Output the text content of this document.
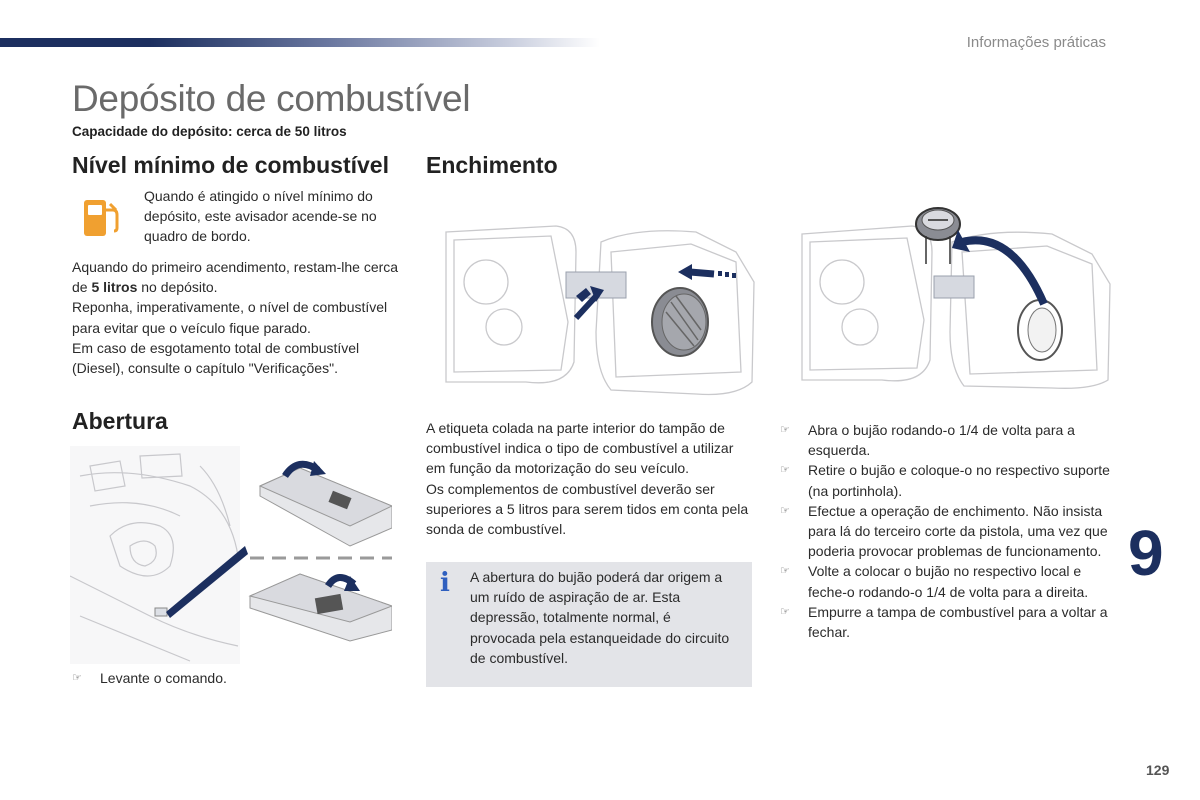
Informações práticas
Depósito de combustível
Capacidade do depósito: cerca de 50 litros
Nível mínimo de combustível
Quando é atingido o nível mínimo do depósito, este avisador acende-se no quadro de bordo.
Aquando do primeiro acendimento, restam-lhe cerca de 5 litros no depósito.
Reponha, imperativamente, o nível de combustível para evitar que o veículo fique parado.
Em caso de esgotamento total de combustível (Diesel), consulte o capítulo "Verificações".
Abertura
☞ Levante o comando.
Enchimento
A etiqueta colada na parte interior do tampão de combustível indica o tipo de combustível a utilizar em função da motorização do seu veículo.
Os complementos de combustível deverão ser superiores a 5 litros para serem tidos em conta pela sonda de combustível.
i A abertura do bujão poderá dar origem a um ruído de aspiração de ar. Esta depressão, totalmente normal, é provocada pela estanqueidade do circuito de combustível.
☞ Abra o bujão rodando-o 1/4 de volta para a esquerda.
☞ Retire o bujão e coloque-o no respectivo suporte (na portinhola).
☞ Efectue a operação de enchimento. Não insista para lá do terceiro corte da pistola, uma vez que poderia provocar problemas de funcionamento.
☞ Volte a colocar o bujão no respectivo local e feche-o rodando-o 1/4 de volta para a direita.
☞ Empurre a tampa de combustível para a voltar a fechar.
9
129
